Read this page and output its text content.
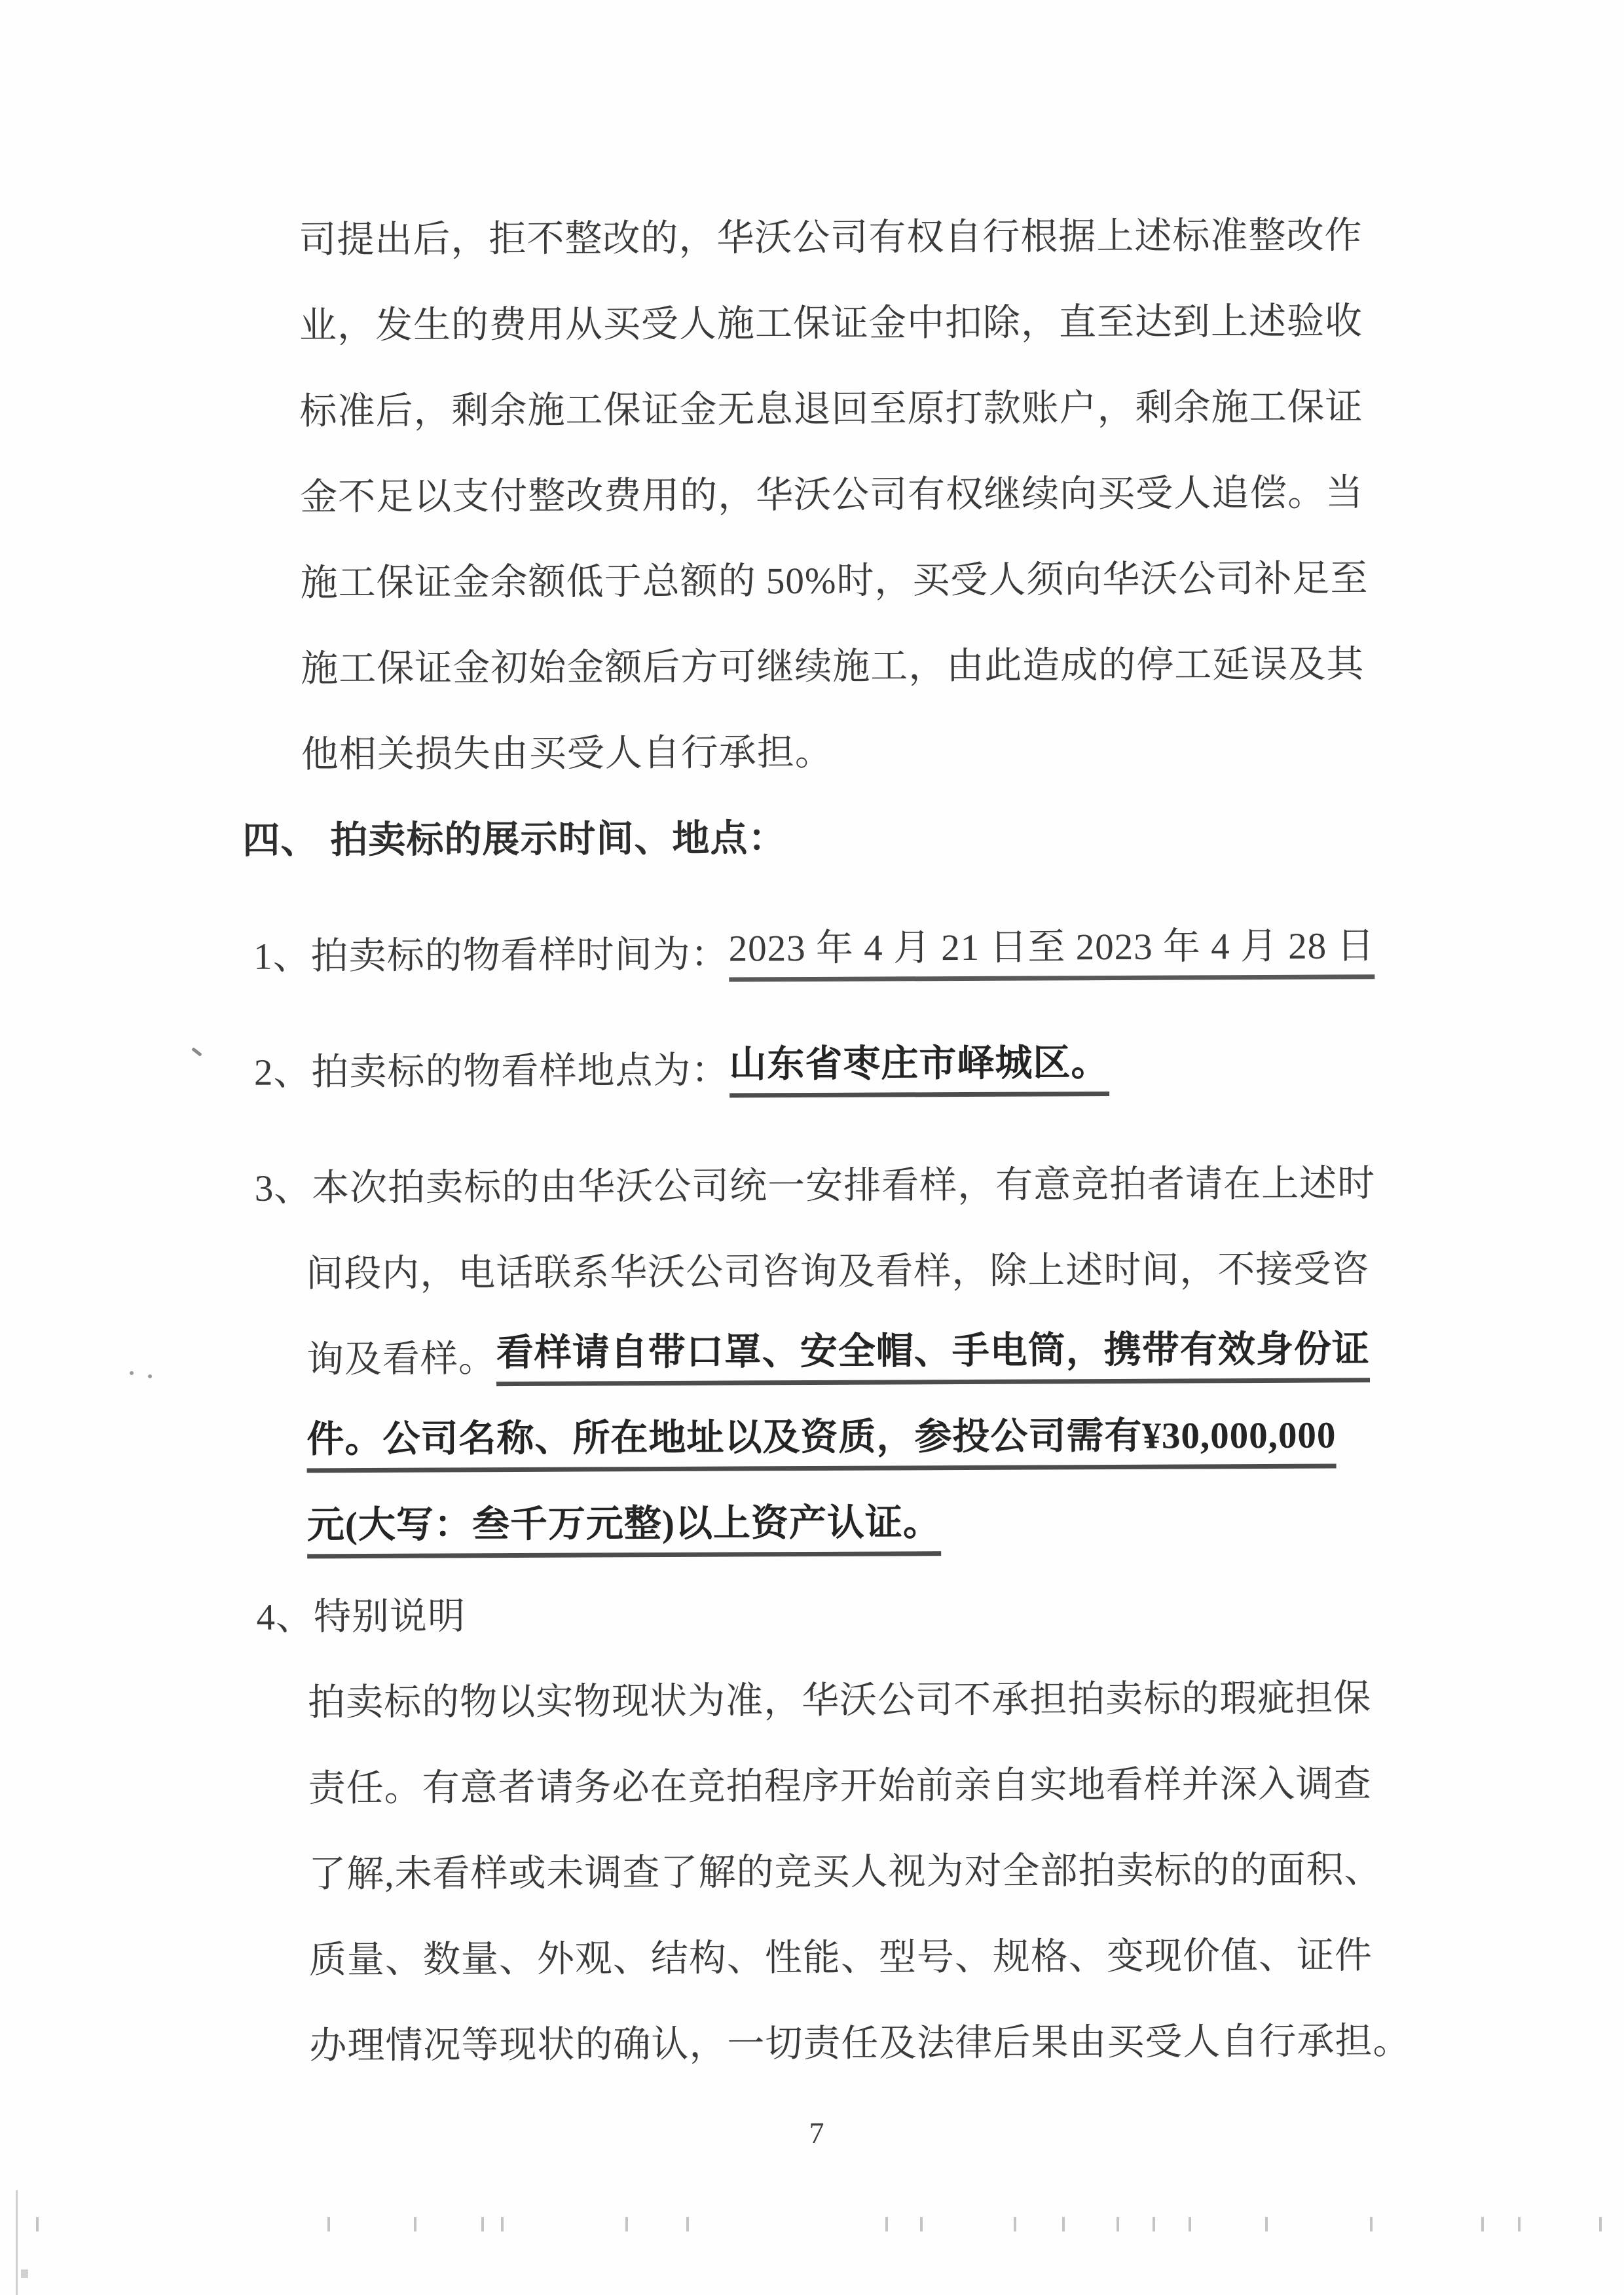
司提出后，拒不整改的，华沃公司有权自行根据上述标准整改作
业，发生的费用从买受人施工保证金中扣除，直至达到上述验收
标准后，剩余施工保证金无息退回至原打款账户，剩余施工保证
金不足以支付整改费用的，华沃公司有权继续向买受人追偿。当
施工保证金余额低于总额的 50%时，买受人须向华沃公司补足至
施工保证金初始金额后方可继续施工，由此造成的停工延误及其
他相关损失由买受人自行承担。
四、 拍卖标的展示时间、地点：
1、 拍卖标的物看样时间为： 2023 年 4 月 21 日至 2023 年 4 月 28 日
2、 拍卖标的物看样地点为： 山东省枣庄市峄城区。
3、 本次拍卖标的由华沃公司统一安排看样，有意竞拍者请在上述时
间段内，电话联系华沃公司咨询及看样，除上述时间，不接受咨
询及看样。 看样请自带口罩、安全帽、手电筒，携带有效身份证
件。公司名称、所在地址以及资质，参投公司需有¥30,000,000
元(大写：叁千万元整)以上资产认证。
4、 特别说明
拍卖标的物以实物现状为准，华沃公司不承担拍卖标的瑕疵担保
责任。有意者请务必在竞拍程序开始前亲自实地看样并深入调查
了解,未看样或未调查了解的竞买人视为对全部拍卖标的的面积、
质量、数量、外观、结构、性能、型号、规格、变现价值、证件
办理情况等现状的确认，一切责任及法律后果由买受人自行承担。
7
